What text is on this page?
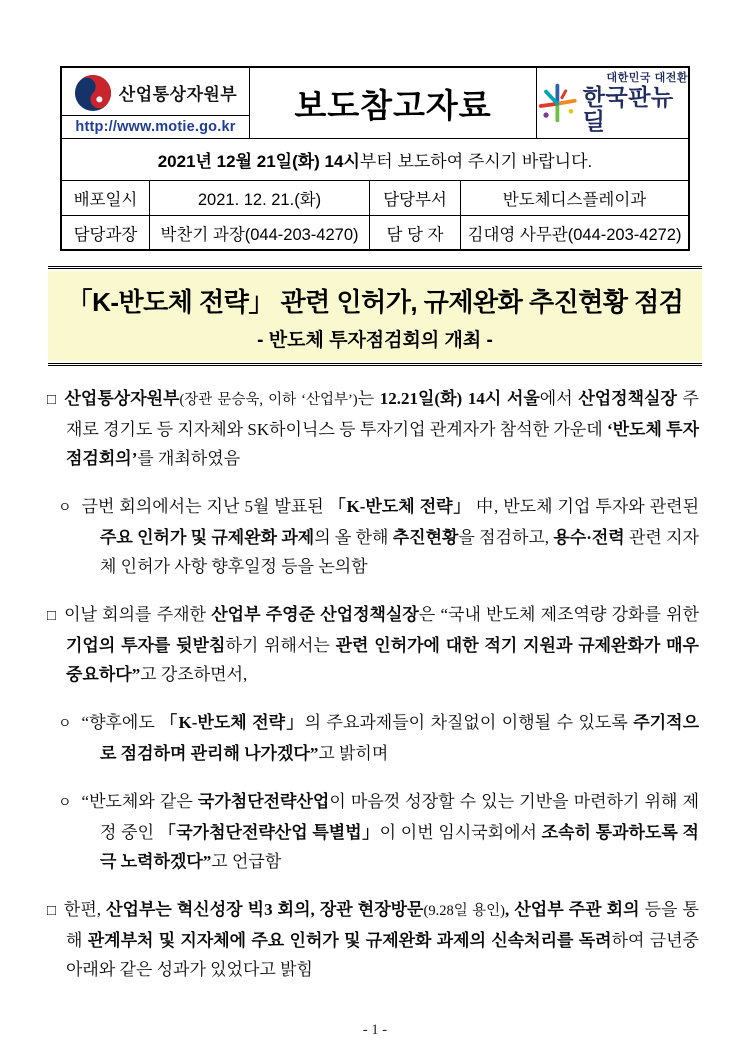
산업통상자원부
http://www.motie.go.kr
보도참고자료
대한민국 대전환
한국판뉴딜
2021년 12월 21일(화) 14시 부터 보도하여 주시기 바랍니다.
배포일시	2021. 12. 21.(화)	담당부서	반도체디스플레이과
담당과장	박찬기 과장(044-203-4270)	담 당 자	김대영 사무관(044-203-4272)
「K-반도체 전략」 관련 인허가, 규제완화 추진현황 점검
- 반도체 투자점검회의 개최 -
□ 산업통상자원부(장관 문승욱, 이하 ‘산업부’)는 12.21일(화) 14시 서울에서 산업정책실장 주재로 경기도 등 지자체와 SK하이닉스 등 투자기업 관계자가 참석한 가운데 ‘반도체 투자점검회의’를 개최하였음
ㅇ 금번 회의에서는 지난 5월 발표된 「K-반도체 전략」 中, 반도체 기업 투자와 관련된 주요 인허가 및 규제완화 과제의 올 한해 추진현황을 점검하고, 용수·전력 관련 지자체 인허가 사항 향후일정 등을 논의함
□ 이날 회의를 주재한 산업부 주영준 산업정책실장은 “국내 반도체 제조역량 강화를 위한 기업의 투자를 뒷받침하기 위해서는 관련 인허가에 대한 적기 지원과 규제완화가 매우 중요하다”고 강조하면서,
ㅇ “향후에도 「K-반도체 전략」의 주요과제들이 차질없이 이행될 수 있도록 주기적으로 점검하며 관리해 나가겠다”고 밝히며
ㅇ “반도체와 같은 국가첨단전략산업이 마음껏 성장할 수 있는 기반을 마련하기 위해 제정 중인 「국가첨단전략산업 특별법」이 이번 임시국회에서 조속히 통과하도록 적극 노력하겠다”고 언급함
□ 한편, 산업부는 혁신성장 빅3 회의, 장관 현장방문(9.28일 용인), 산업부 주관 회의 등을 통해 관계부처 및 지자체에 주요 인허가 및 규제완화 과제의 신속처리를 독려하여 금년중 아래와 같은 성과가 있었다고 밝힘
- 1 -
